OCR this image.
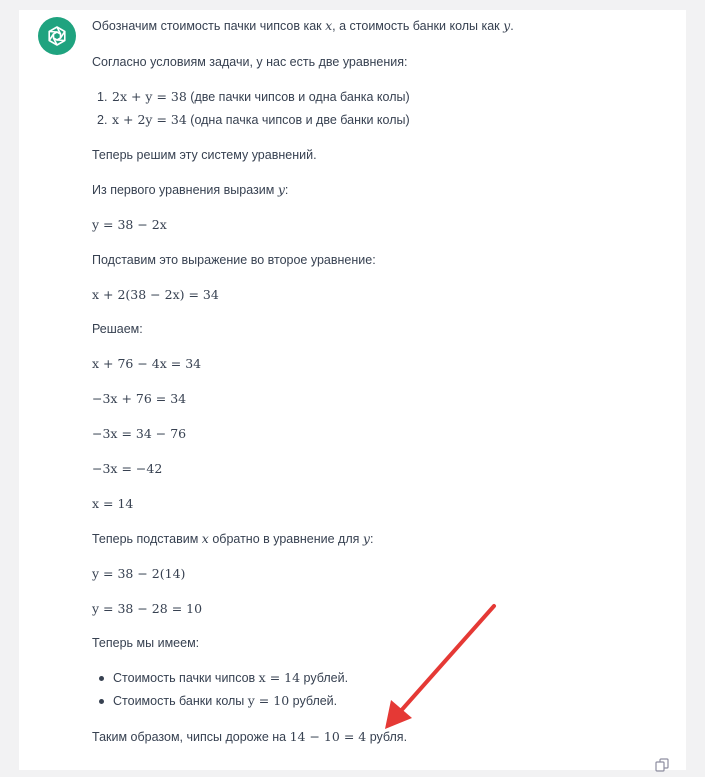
Обозначим стоимость пачки чипсов как x, а стоимость банки колы как y.
Согласно условиям задачи, у нас есть две уравнения:
1. 2x + y = 38 (две пачки чипсов и одна банка колы)
2. x + 2y = 34 (одна пачка чипсов и две банки колы)
Теперь решим эту систему уравнений.
Из первого уравнения выразим y:
y = 38 − 2x
Подставим это выражение во второе уравнение:
x + 2(38 − 2x) = 34
Решаем:
x + 76 − 4x = 34
−3x + 76 = 34
−3x = 34 − 76
−3x = −42
x = 14
Теперь подставим x обратно в уравнение для y:
y = 38 − 2(14)
y = 38 − 28 = 10
Теперь мы имеем:
Стоимость пачки чипсов x = 14 рублей.
Стоимость банки колы y = 10 рублей.
Таким образом, чипсы дороже на 14 − 10 = 4 рубля.
